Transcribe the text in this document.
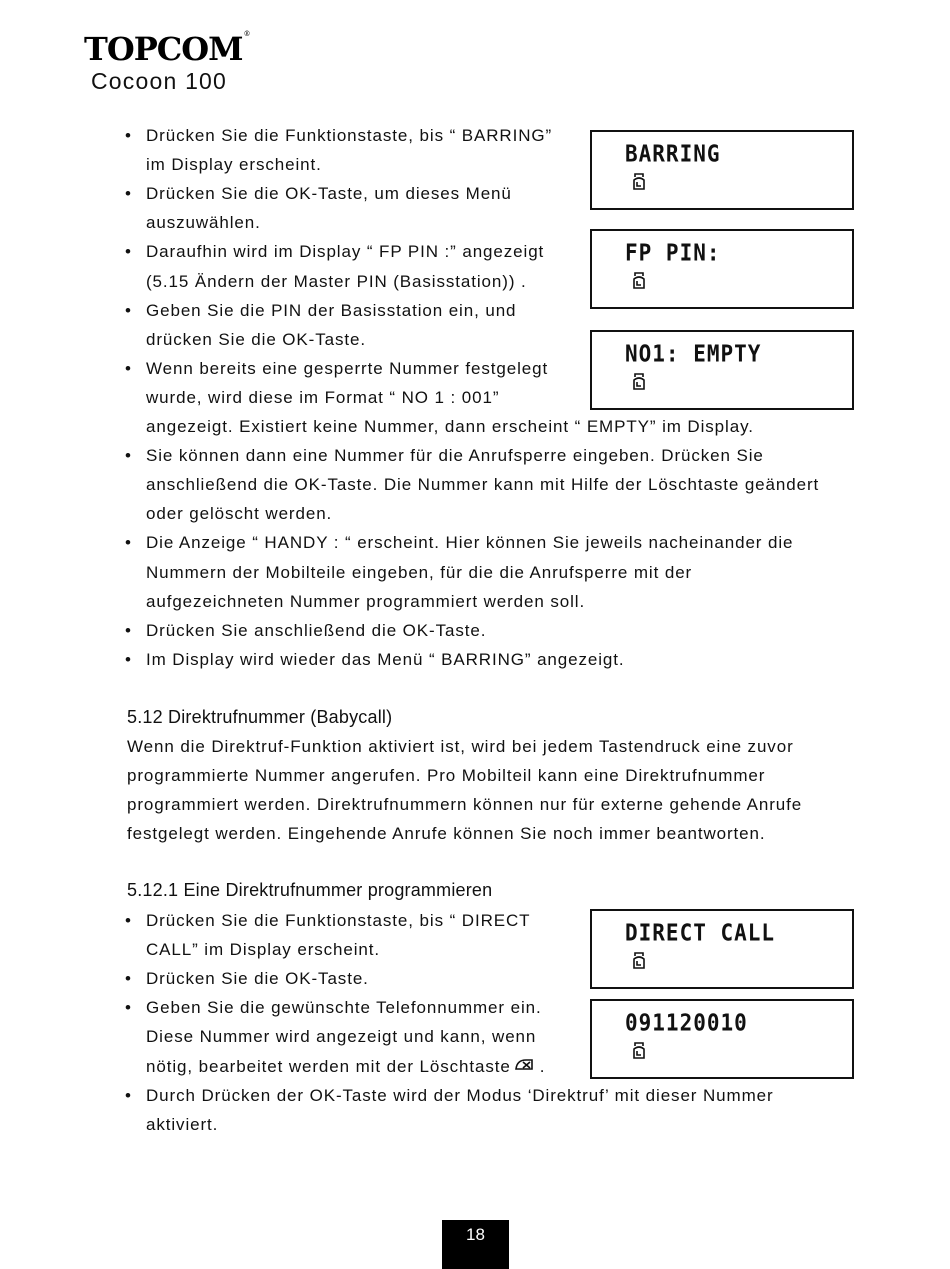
TOPCOM®
Cocoon 100
• Drücken Sie die Funktionstaste, bis “ BARRING”
im Display erscheint.
• Drücken Sie die OK-Taste, um dieses Menü
auszuwählen.
• Daraufhin wird im Display “ FP PIN :” angezeigt
(5.15 Ändern der Master PIN (Basisstation)) .
• Geben Sie die PIN der Basisstation ein, und
drücken Sie die OK-Taste.
• Wenn bereits eine gesperrte Nummer festgelegt
wurde, wird diese im Format “ NO 1 : 001”
angezeigt. Existiert keine Nummer, dann erscheint “ EMPTY” im Display.
• Sie können dann eine Nummer für die Anrufsperre eingeben. Drücken Sie
anschließend die OK-Taste. Die Nummer kann mit Hilfe der Löschtaste geändert
oder gelöscht werden.
• Die Anzeige “ HANDY : “ erscheint. Hier können Sie jeweils nacheinander die
Nummern der Mobilteile eingeben, für die die Anrufsperre mit der
aufgezeichneten Nummer programmiert werden soll.
• Drücken Sie anschließend die OK-Taste.
• Im Display wird wieder das Menü “ BARRING” angezeigt.
5.12 Direktrufnummer (Babycall)
Wenn die Direktruf-Funktion aktiviert ist, wird bei jedem Tastendruck eine zuvor
programmierte Nummer angerufen. Pro Mobilteil kann eine Direktrufnummer
programmiert werden. Direktrufnummern können nur für externe gehende Anrufe
festgelegt werden. Eingehende Anrufe können Sie noch immer beantworten.
5.12.1 Eine Direktrufnummer programmieren
• Drücken Sie die Funktionstaste, bis “ DIRECT
CALL” im Display erscheint.
• Drücken Sie die OK-Taste.
• Geben Sie die gewünschte Telefonnummer ein.
Diese Nummer wird angezeigt und kann, wenn
nötig, bearbeitet werden mit der Löschtaste .
• Durch Drücken der OK-Taste wird der Modus ‘Direktruf’ mit dieser Nummer
aktiviert.
BARRING
FP PIN:
NO1: EMPTY
DIRECT CALL
091120010
18
